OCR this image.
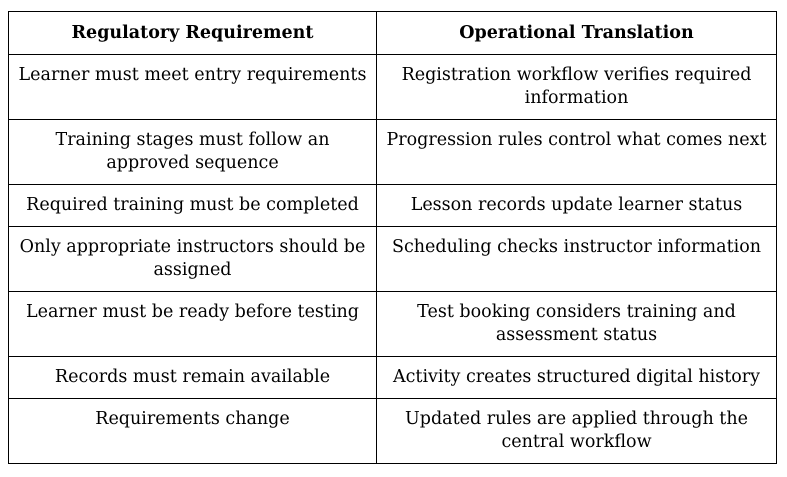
Regulatory Requirement	Operational Translation
Learner must meet entry requirements	Registration workflow verifies required information
Training stages must follow an approved sequence	Progression rules control what comes next
Required training must be completed	Lesson records update learner status
Only appropriate instructors should be assigned	Scheduling checks instructor information
Learner must be ready before testing	Test booking considers training and assessment status
Records must remain available	Activity creates structured digital history
Requirements change	Updated rules are applied through the central workflow
